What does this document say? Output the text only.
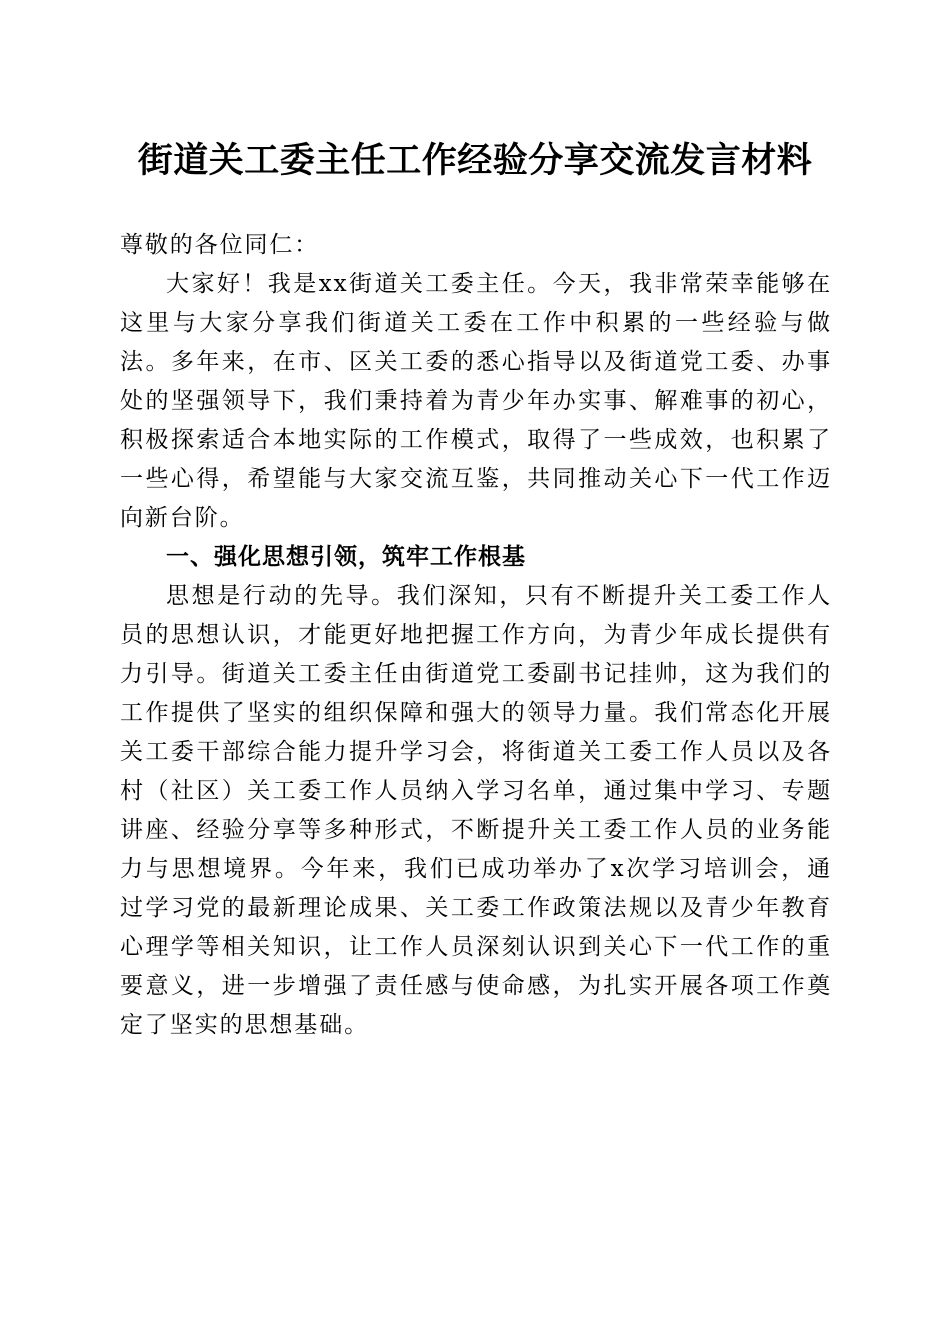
街道关工委主任工作经验分享交流发言材料

尊敬的各位同仁：

大家好！我是xx街道关工委主任。今天，我非常荣幸能够在这里与大家分享我们街道关工委在工作中积累的一些经验与做法。多年来，在市、区关工委的悉心指导以及街道党工委、办事处的坚强领导下，我们秉持着为青少年办实事、解难事的初心，积极探索适合本地实际的工作模式，取得了一些成效，也积累了一些心得，希望能与大家交流互鉴，共同推动关心下一代工作迈向新台阶。

一、强化思想引领，筑牢工作根基

思想是行动的先导。我们深知，只有不断提升关工委工作人员的思想认识，才能更好地把握工作方向，为青少年成长提供有力引导。街道关工委主任由街道党工委副书记挂帅，这为我们的工作提供了坚实的组织保障和强大的领导力量。我们常态化开展关工委干部综合能力提升学习会，将街道关工委工作人员以及各村（社区）关工委工作人员纳入学习名单，通过集中学习、专题讲座、经验分享等多种形式，不断提升关工委工作人员的业务能力与思想境界。今年来，我们已成功举办了x次学习培训会，通过学习党的最新理论成果、关工委工作政策法规以及青少年教育心理学等相关知识，让工作人员深刻认识到关心下一代工作的重要意义，进一步增强了责任感与使命感，为扎实开展各项工作奠定了坚实的思想基础。
